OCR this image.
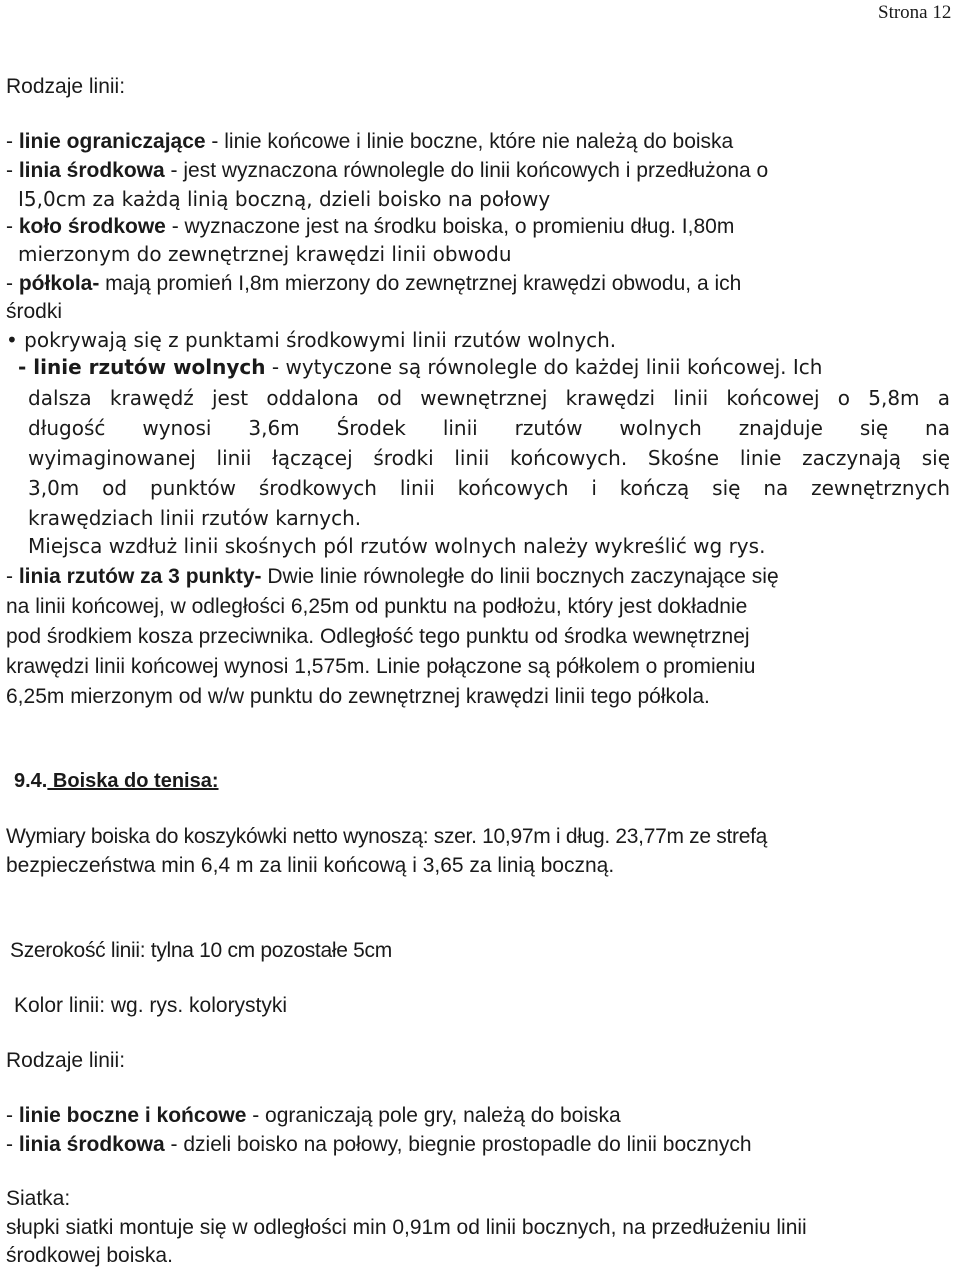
Strona 12
Rodzaje linii:
- linie ograniczające - linie końcowe i linie boczne, które nie należą do boiska
- linia środkowa - jest wyznaczona równolegle do linii końcowych i przedłużona o
I5,0cm za każdą linią boczną, dzieli boisko na połowy
- koło środkowe - wyznaczone jest na środku boiska, o promieniu dług. I,80m
mierzonym do zewnętrznej krawędzi linii obwodu
- półkola- mają promień I,8m mierzony do zewnętrznej krawędzi obwodu, a ich
środki
• pokrywają się z punktami środkowymi linii rzutów wolnych.
- linie rzutów wolnych - wytyczone są równolegle do każdej linii końcowej. Ich
dalsza krawędź jest oddalona od wewnętrznej krawędzi linii końcowej o 5,8m a
długość wynosi 3,6m Środek linii rzutów wolnych znajduje się na
wyimaginowanej linii łączącej środki linii końcowych. Skośne linie zaczynają się
3,0m od punktów środkowych linii końcowych i kończą się na zewnętrznych
krawędziach linii rzutów karnych.
Miejsca wzdłuż linii skośnych pól rzutów wolnych należy wykreślić wg rys.
- linia rzutów za 3 punkty- Dwie linie równoległe do linii bocznych zaczynające się
na linii końcowej, w odległości 6,25m od punktu na podłożu, który jest dokładnie
pod środkiem kosza przeciwnika. Odległość tego punktu od środka wewnętrznej
krawędzi linii końcowej wynosi 1,575m. Linie połączone są półkolem o promieniu
6,25m mierzonym od w/w punktu do zewnętrznej krawędzi linii tego półkola.
9.4. Boiska do tenisa:
Wymiary boiska do koszykówki netto wynoszą: szer. 10,97m i dług. 23,77m ze strefą
bezpieczeństwa min 6,4 m za linii końcową i 3,65 za linią boczną.
Szerokość linii: tylna 10 cm pozostałe 5cm
Kolor linii: wg. rys. kolorystyki
Rodzaje linii:
- linie boczne i końcowe - ograniczają pole gry, należą do boiska
- linia środkowa - dzieli boisko na połowy, biegnie prostopadle do linii bocznych
Siatka:
słupki siatki montuje się w odległości min 0,91m od linii bocznych, na przedłużeniu linii
środkowej boiska.
